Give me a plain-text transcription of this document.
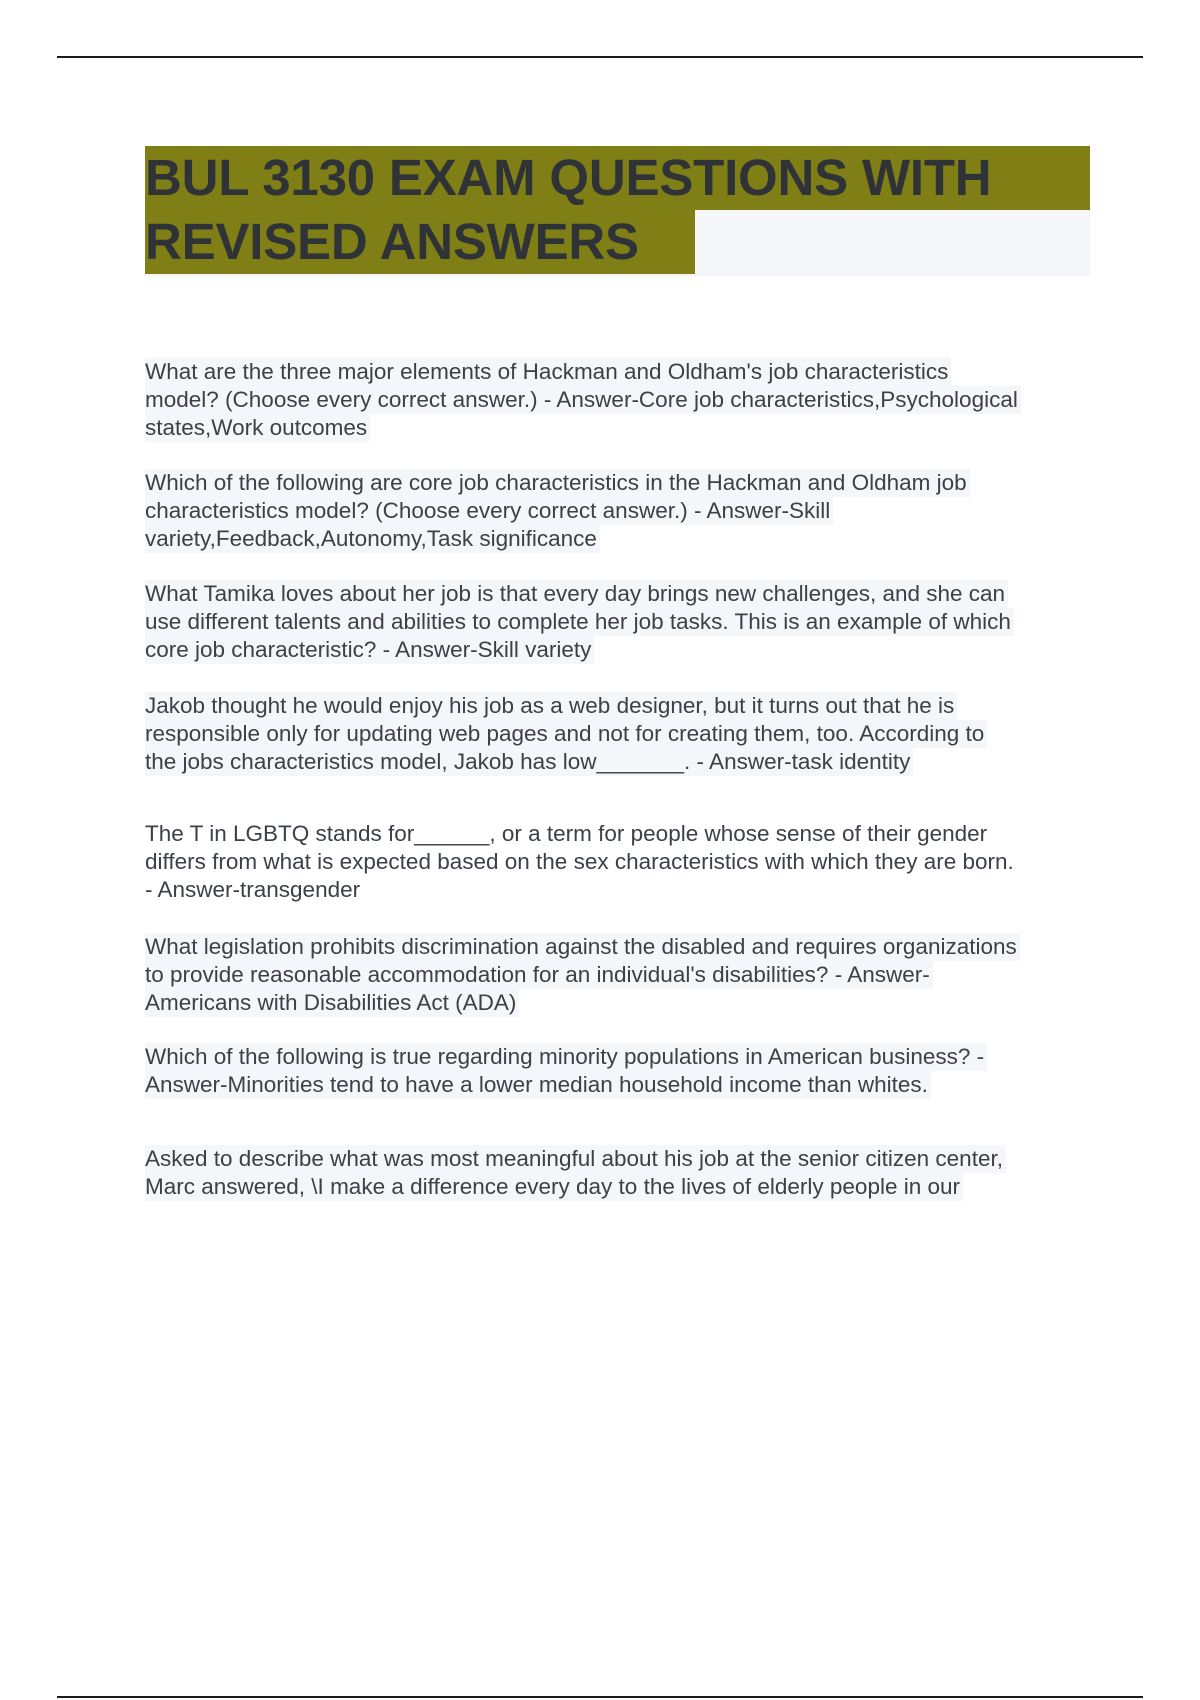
BUL 3130 EXAM QUESTIONS WITH
REVISED ANSWERS
What are the three major elements of Hackman and Oldham's job characteristics
model? (Choose every correct answer.) - Answer-Core job characteristics,Psychological
states,Work outcomes
Which of the following are core job characteristics in the Hackman and Oldham job
characteristics model? (Choose every correct answer.) - Answer-Skill
variety,Feedback,Autonomy,Task significance
What Tamika loves about her job is that every day brings new challenges, and she can
use different talents and abilities to complete her job tasks. This is an example of which
core job characteristic? - Answer-Skill variety
Jakob thought he would enjoy his job as a web designer, but it turns out that he is
responsible only for updating web pages and not for creating them, too. According to
the jobs characteristics model, Jakob has low_______. - Answer-task identity
The T in LGBTQ stands for______, or a term for people whose sense of their gender
differs from what is expected based on the sex characteristics with which they are born.
- Answer-transgender
What legislation prohibits discrimination against the disabled and requires organizations
to provide reasonable accommodation for an individual's disabilities? - Answer-
Americans with Disabilities Act (ADA)
Which of the following is true regarding minority populations in American business? -
Answer-Minorities tend to have a lower median household income than whites.
Asked to describe what was most meaningful about his job at the senior citizen center,
Marc answered, \I make a difference every day to the lives of elderly people in our
